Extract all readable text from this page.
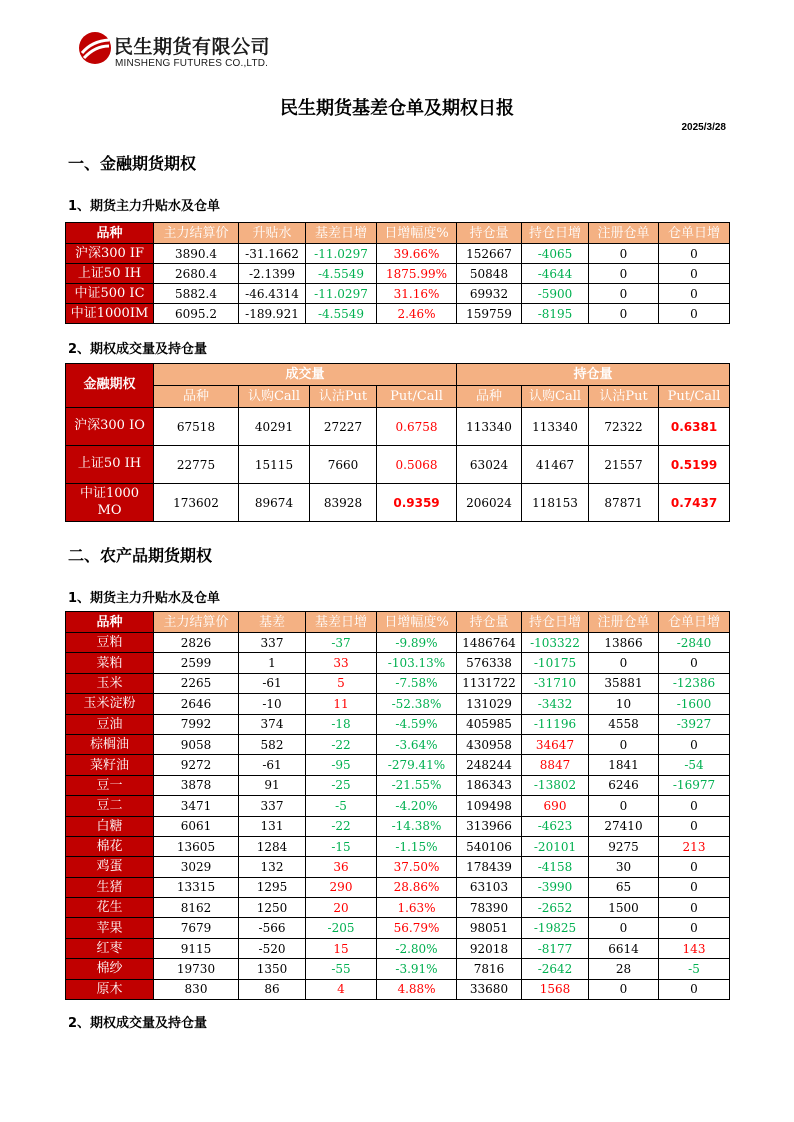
民生期货有限公司
MINSHENG FUTURES CO.,LTD.
民生期货基差仓单及期权日报
2025/3/28
一、金融期货期权
1、期货主力升贴水及仓单
品种	主力结算价	升贴水	基差日增	日增幅度%	持仓量	持仓日增	注册仓单	仓单日增
沪深300 IF	3890.4	-31.1662	-11.0297	39.66%	152667	-4065	0	0
上证50 IH	2680.4	-2.1399	-4.5549	1875.99%	50848	-4644	0	0
中证500 IC	5882.4	-46.4314	-11.0297	31.16%	69932	-5900	0	0
中证1000IM	6095.2	-189.921	-4.5549	2.46%	159759	-8195	0	0
2、期权成交量及持仓量
金融期权	成交量				持仓量			
	品种	认购Call	认沽Put	Put/Call	品种	认购Call	认沽Put	Put/Call
沪深300 IO	67518	40291	27227	0.6758	113340	113340	72322	0.6381
上证50 IH	22775	15115	7660	0.5068	63024	41467	21557	0.5199
中证1000 MO	173602	89674	83928	0.9359	206024	118153	87871	0.7437
二、农产品期货期权
1、期货主力升贴水及仓单
品种	主力结算价	基差	基差日增	日增幅度%	持仓量	持仓日增	注册仓单	仓单日增
豆粕	2826	337	-37	-9.89%	1486764	-103322	13866	-2840
菜粕	2599	1	33	-103.13%	576338	-10175	0	0
玉米	2265	-61	5	-7.58%	1131722	-31710	35881	-12386
玉米淀粉	2646	-10	11	-52.38%	131029	-3432	10	-1600
豆油	7992	374	-18	-4.59%	405985	-11196	4558	-3927
棕榈油	9058	582	-22	-3.64%	430958	34647	0	0
菜籽油	9272	-61	-95	-279.41%	248244	8847	1841	-54
豆一	3878	91	-25	-21.55%	186343	-13802	6246	-16977
豆二	3471	337	-5	-4.20%	109498	690	0	0
白糖	6061	131	-22	-14.38%	313966	-4623	27410	0
棉花	13605	1284	-15	-1.15%	540106	-20101	9275	213
鸡蛋	3029	132	36	37.50%	178439	-4158	30	0
生猪	13315	1295	290	28.86%	63103	-3990	65	0
花生	8162	1250	20	1.63%	78390	-2652	1500	0
苹果	7679	-566	-205	56.79%	98051	-19825	0	0
红枣	9115	-520	15	-2.80%	92018	-8177	6614	143
棉纱	19730	1350	-55	-3.91%	7816	-2642	28	-5
原木	830	86	4	4.88%	33680	1568	0	0
2、期权成交量及持仓量
